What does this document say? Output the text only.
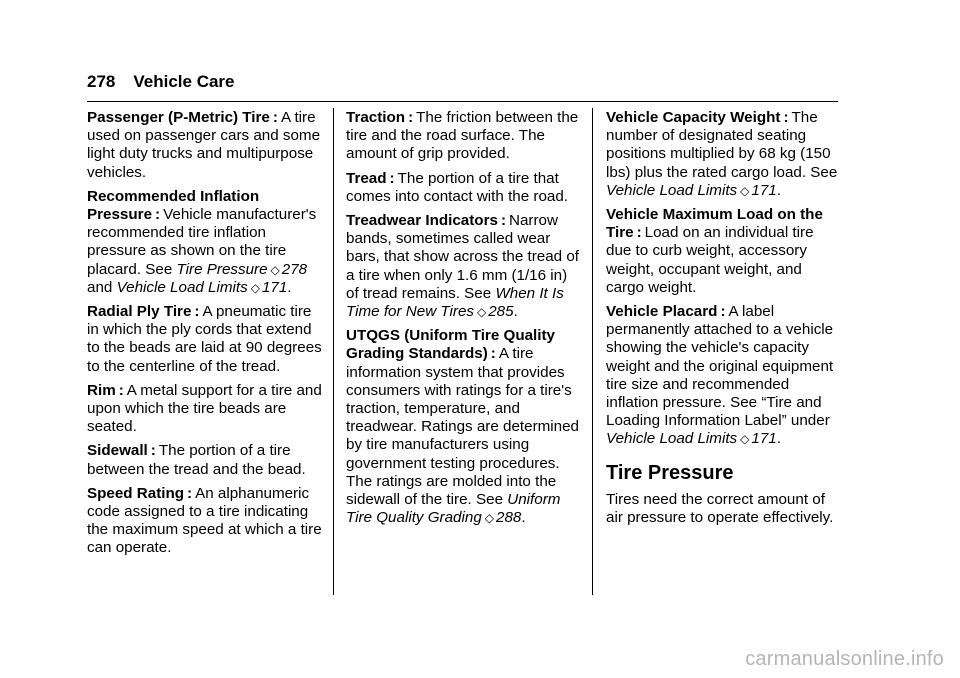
278 Vehicle Care

Passenger (P-Metric) Tire : A tire used on passenger cars and some light duty trucks and multipurpose vehicles.

Recommended Inflation Pressure : Vehicle manufacturer's recommended tire inflation pressure as shown on the tire placard. See Tire Pressure ◇ 278 and Vehicle Load Limits ◇ 171.

Radial Ply Tire : A pneumatic tire in which the ply cords that extend to the beads are laid at 90 degrees to the centerline of the tread.

Rim : A metal support for a tire and upon which the tire beads are seated.

Sidewall : The portion of a tire between the tread and the bead.

Speed Rating : An alphanumeric code assigned to a tire indicating the maximum speed at which a tire can operate.

Traction : The friction between the tire and the road surface. The amount of grip provided.

Tread : The portion of a tire that comes into contact with the road.

Treadwear Indicators : Narrow bands, sometimes called wear bars, that show across the tread of a tire when only 1.6 mm (1/16 in) of tread remains. See When It Is Time for New Tires ◇ 285.

UTQGS (Uniform Tire Quality Grading Standards) : A tire information system that provides consumers with ratings for a tire's traction, temperature, and treadwear. Ratings are determined by tire manufacturers using government testing procedures. The ratings are molded into the sidewall of the tire. See Uniform Tire Quality Grading ◇ 288.

Vehicle Capacity Weight : The number of designated seating positions multiplied by 68 kg (150 lbs) plus the rated cargo load. See Vehicle Load Limits ◇ 171.

Vehicle Maximum Load on the Tire : Load on an individual tire due to curb weight, accessory weight, occupant weight, and cargo weight.

Vehicle Placard : A label permanently attached to a vehicle showing the vehicle's capacity weight and the original equipment tire size and recommended inflation pressure. See “Tire and Loading Information Label” under Vehicle Load Limits ◇ 171.

Tire Pressure

Tires need the correct amount of air pressure to operate effectively.

carmanualsonline.info
